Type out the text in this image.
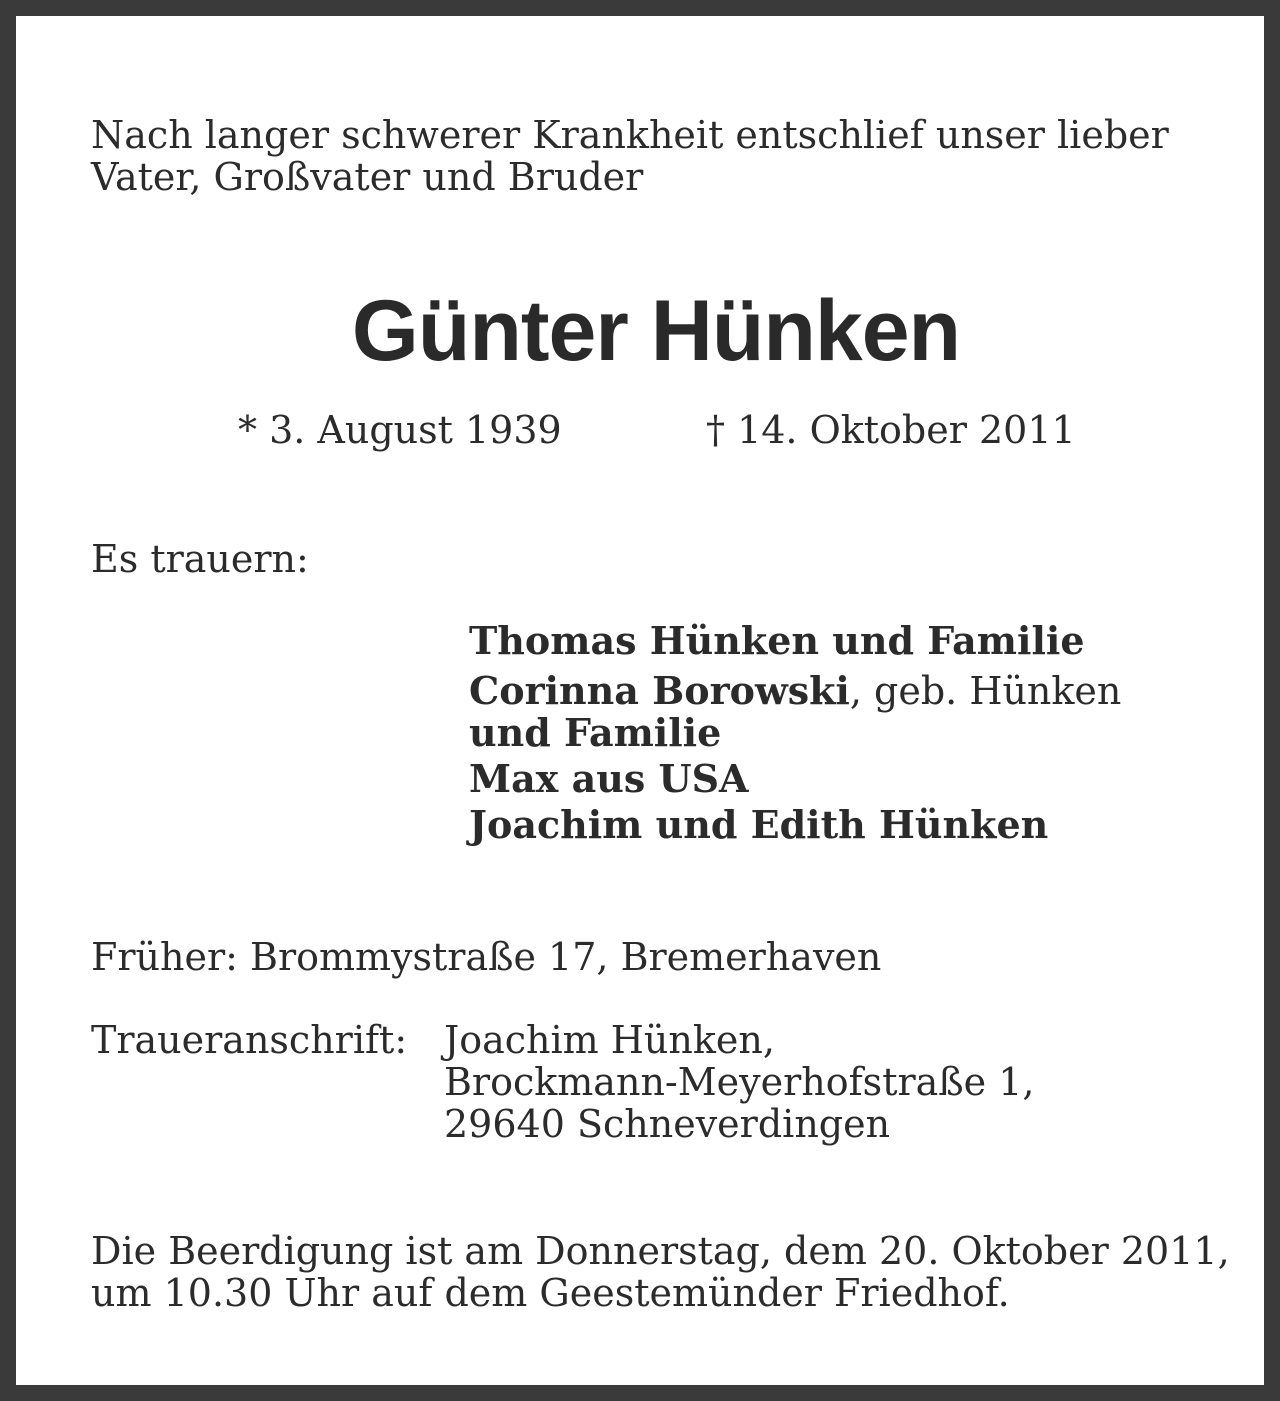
Nach langer schwerer Krankheit entschlief unser lieber
Vater, Großvater und Bruder
Günter Hünken
* 3. August 1939	† 14. Oktober 2011
Es trauern:
Thomas Hünken und Familie
Corinna Borowski, geb. Hünken
und Familie
Max aus USA
Joachim und Edith Hünken
Früher: Brommystraße 17, Bremerhaven
Traueranschrift: Joachim Hünken,
Brockmann-Meyerhofstraße 1,
29640 Schneverdingen
Die Beerdigung ist am Donnerstag, dem 20. Oktober 2011,
um 10.30 Uhr auf dem Geestemünder Friedhof.
